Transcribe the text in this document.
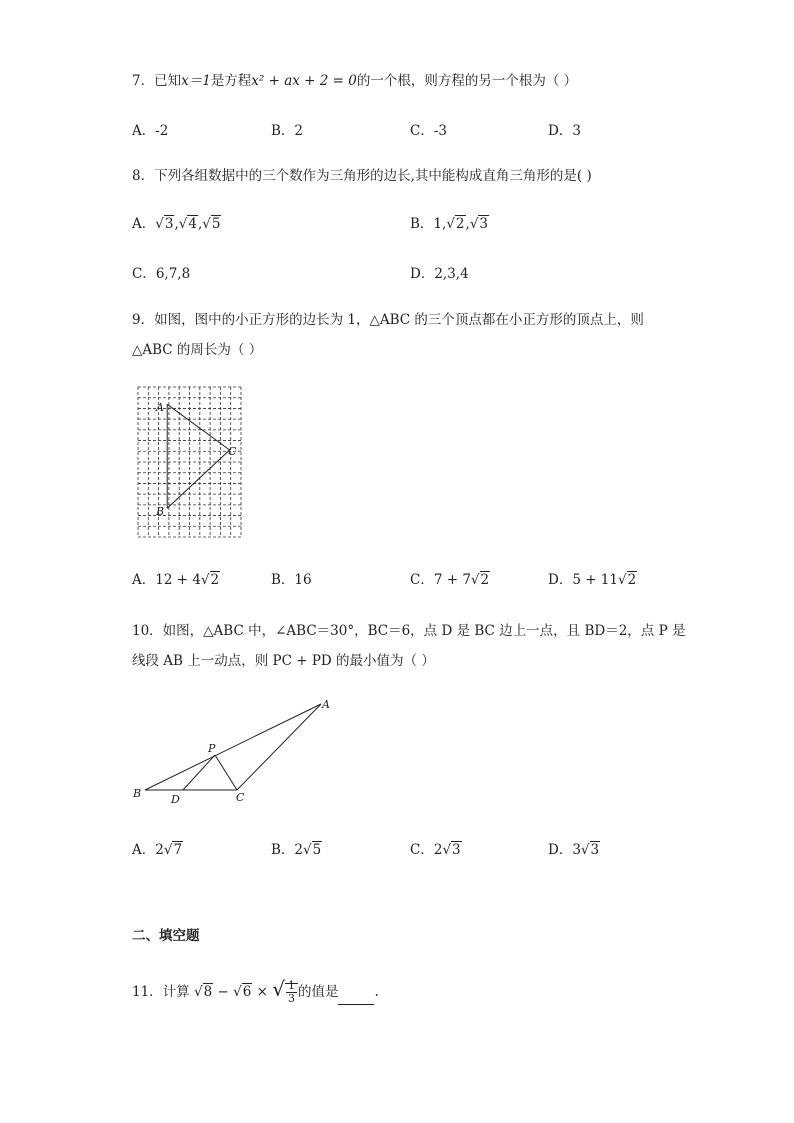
7．已知x＝1是方程x² + ax + 2 = 0的一个根，则方程的另一个根为（ ）
A．-2	B．2	C．-3	D．3
8．下列各组数据中的三个数作为三角形的边长,其中能构成直角三角形的是( )
A．√3,√4,√5	B．1,√2,√3
C．6,7,8	D．2,3,4
9．如图，图中的小正方形的边长为 1，△ABC 的三个顶点都在小正方形的顶点上，则
△ABC 的周长为（ ）
A
B
C
A．12 + 4√2	B．16	C．7 + 7√2	D．5 + 11√2
10．如图，△ABC 中，∠ABC＝30°，BC＝6，点 D 是 BC 边上一点，且 BD＝2，点 P 是
线段 AB 上一动点，则 PC + PD 的最小值为（ ）
A
B	C
D
P
A．2√7	B．2√5	C．2√3	D．3√3
二、填空题
11．计算 √8 − √6 × √ $\frac{1}{3}$ 的值是	.
